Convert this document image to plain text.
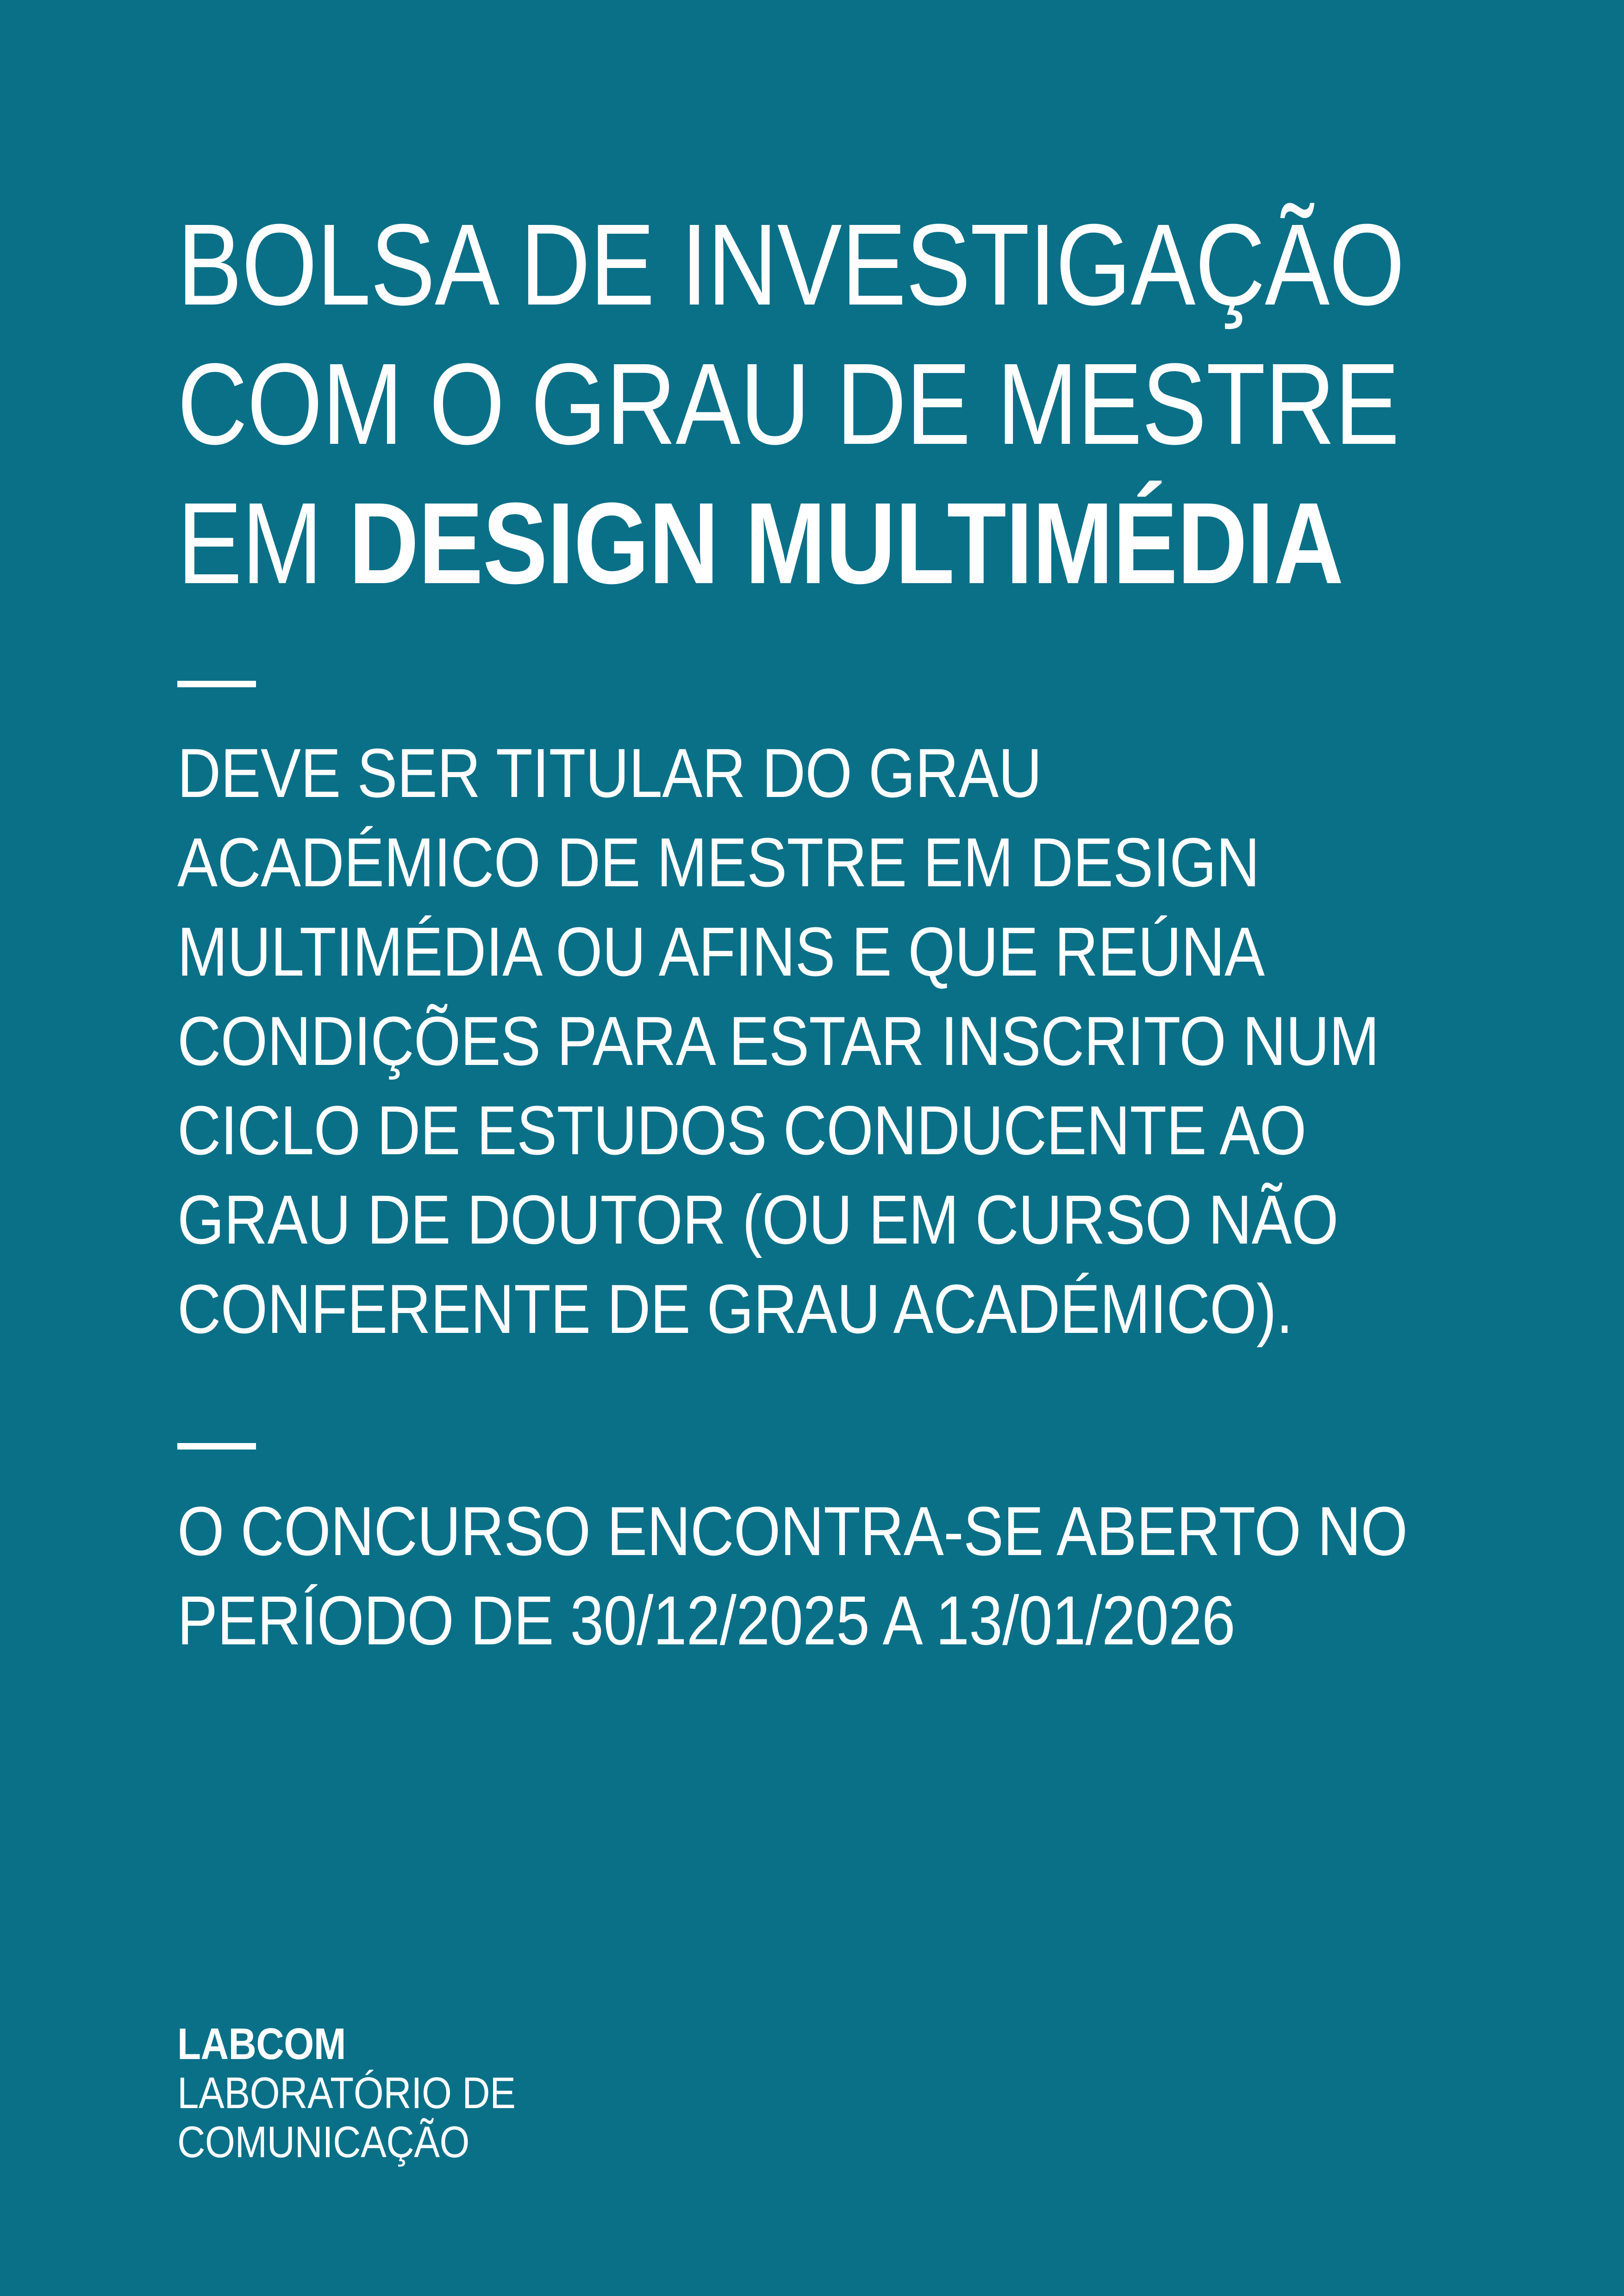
BOLSA DE INVESTIGAÇÃO
COM O GRAU DE MESTRE
EM DESIGN MULTIMÉDIA
DEVE SER TITULAR DO GRAU
ACADÉMICO DE MESTRE EM DESIGN
MULTIMÉDIA OU AFINS E QUE REÚNA
CONDIÇÕES PARA ESTAR INSCRITO NUM
CICLO DE ESTUDOS CONDUCENTE AO
GRAU DE DOUTOR (OU EM CURSO NÃO
CONFERENTE DE GRAU ACADÉMICO).
O CONCURSO ENCONTRA-SE ABERTO NO
PERÍODO DE 30/12/2025 A 13/01/2026
LABCOM
LABORATÓRIO DE
COMUNICAÇÃO
